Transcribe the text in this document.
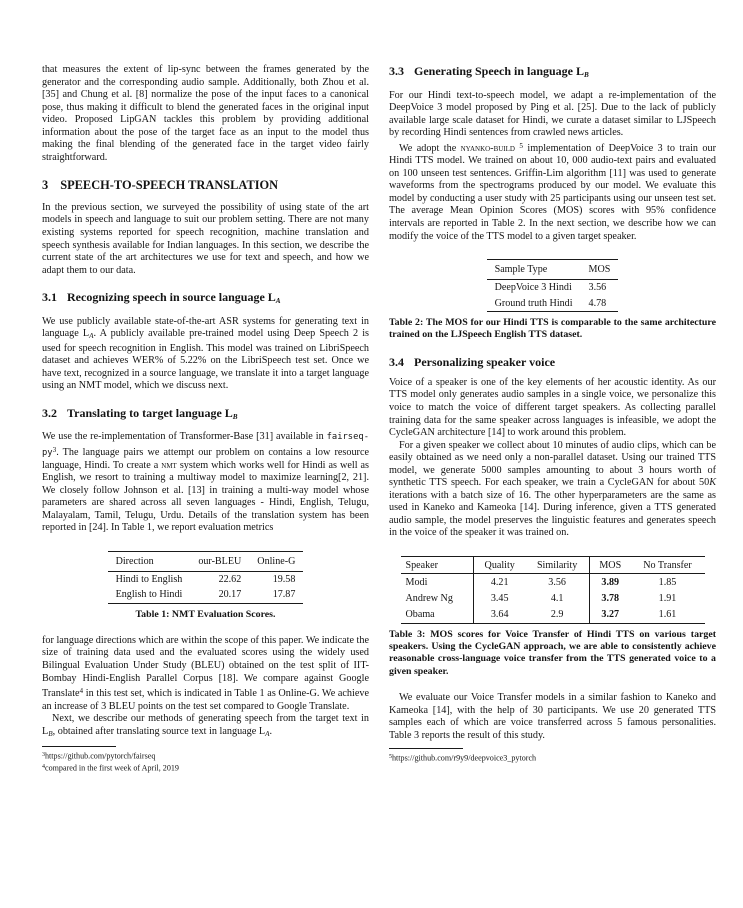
that measures the extent of lip-sync between the frames generated by the generator and the corresponding audio sample. Additionally, both Zhou et al. [35] and Chung et al. [8] normalize the pose of the input faces to a canonical pose, thus making it difficult to blend the generated faces in the original input video. Proposed LipGAN tackles this problem by providing additional information about the pose of the target face as an input to the model thus making the final blending of the generated face in the target video fairly straightforward.

3 SPEECH-TO-SPEECH TRANSLATION

In the previous section, we surveyed the possibility of using state of the art models in speech and language to suit our problem setting. There are not many existing systems reported for speech recognition, machine translation and speech synthesis available for Indian languages. In this section, we describe the current state of the art architectures we use for text and speech, and how we adapt them to our data.

3.1 Recognizing speech in source language $L_A$

We use publicly available state-of-the-art ASR systems for generating text in language $L_A$. A publicly available pre-trained model using Deep Speech 2 is used for speech recognition in English. This model was trained on LibriSpeech dataset and achieves WER% of 5.22% on the LibriSpeech test set. Once we have text, recognized in a source language, we translate it into a target language using an NMT model, which we discuss next.

3.2 Translating to target language $L_B$

We use the re-implementation of Transformer-Base [31] available in fairseq-$py^3$. The language pairs we attempt our problem on contains a low resource language, Hindi. To create a nmt system which works well for Hindi as well as English, we resort to training a multiway model to maximize learning[2, 21]. We closely follow Johnson et al. [13] in training a multi-way model whose parameters are shared across all seven languages - Hindi, English, Telugu, Malayalam, Tamil, Telugu, Urdu. Details of the translation system has been reported in [24]. In Table 1, we report evaluation metrics

Direction	our-BLEU	Online-G
Hindi to English	22.62	19.58
English to Hindi	20.17	17.87
Table 1: NMT Evaluation Scores.

for language directions which are within the scope of this paper. We indicate the size of training data used and the evaluated scores using the widely used Bilingual Evaluation Under Study (BLEU) obtained on the test split of IIT-Bombay Hindi-English Parallel Corpus [18]. We compare against Google Translate$^4$ in this test set, which is indicated in Table 1 as Online-G. We achieve an increase of 3 BLEU points on the test set compared to Google Translate.

Next, we describe our methods of generating speech from the target text in $L_B$, obtained after translating source text in language $L_A$.

$^3$https://github.com/pytorch/fairseq
$^4$compared in the first week of April, 2019
3.3 Generating Speech in language $L_B$

For our Hindi text-to-speech model, we adapt a re-implementation of the DeepVoice 3 model proposed by Ping et al. [25]. Due to the lack of publicly available large scale dataset for Hindi, we curate a dataset similar to LJSpeech by recording Hindi sentences from crawled news articles.

We adopt the nyanko-build $^5$ implementation of DeepVoice 3 to train our Hindi TTS model. We trained on about 10, 000 audio-text pairs and evaluated on 100 unseen test sentences. Griffin-Lim algorithm [11] was used to generate waveforms from the spectrograms produced by our model. We evaluate this model by conducting a user study with 25 participants using our unseen test set. The average Mean Opinion Scores (MOS) scores with 95% confidence intervals are reported in Table 2. In the next section, we describe how we can modify the voice of the TTS model to a given target speaker.

Sample Type	MOS
DeepVoice 3 Hindi	3.56
Ground truth Hindi	4.78
Table 2: The MOS for our Hindi TTS is comparable to the same architecture trained on the LJSpeech English TTS dataset.
3.4 Personalizing speaker voice

Voice of a speaker is one of the key elements of her acoustic identity. As our TTS model only generates audio samples in a single voice, we personalize this voice to match the voice of different target speakers. As collecting parallel training data for the same speaker across languages is infeasible, we adopt the CycleGAN architecture [14] to work around this problem.

For a given speaker we collect about 10 minutes of audio clips, which can be easily obtained as we need only a non-parallel dataset. Using our trained TTS model, we generate 5000 samples amounting to about 3 hours worth of synthetic TTS speech. For each speaker, we train a CycleGAN for about 50K iterations with a batch size of 16. The other hyperparameters are the same as used in Kaneko and Kameoka [14]. During inference, given a TTS generated audio sample, the model preserves the linguistic features and generates speech in the voice of the speaker it was trained on.

Speaker	Quality	Similarity	MOS	No Transfer
Modi	4.21	3.56	3.89	1.85
Andrew Ng	3.45	4.1	3.78	1.91
Obama	3.64	2.9	3.27	1.61
Table 3: MOS scores for Voice Transfer of Hindi TTS on various target speakers. Using the CycleGAN approach, we are able to consistently achieve reasonable cross-language voice transfer from the TTS generated voice to a given speaker.

We evaluate our Voice Transfer models in a similar fashion to Kaneko and Kameoka [14], with the help of 30 participants. We use 20 generated TTS samples each of which are voice transferred across 5 famous personalities. Table 3 reports the result of this study.

$^5$https://github.com/r9y9/deepvoice3_pytorch
